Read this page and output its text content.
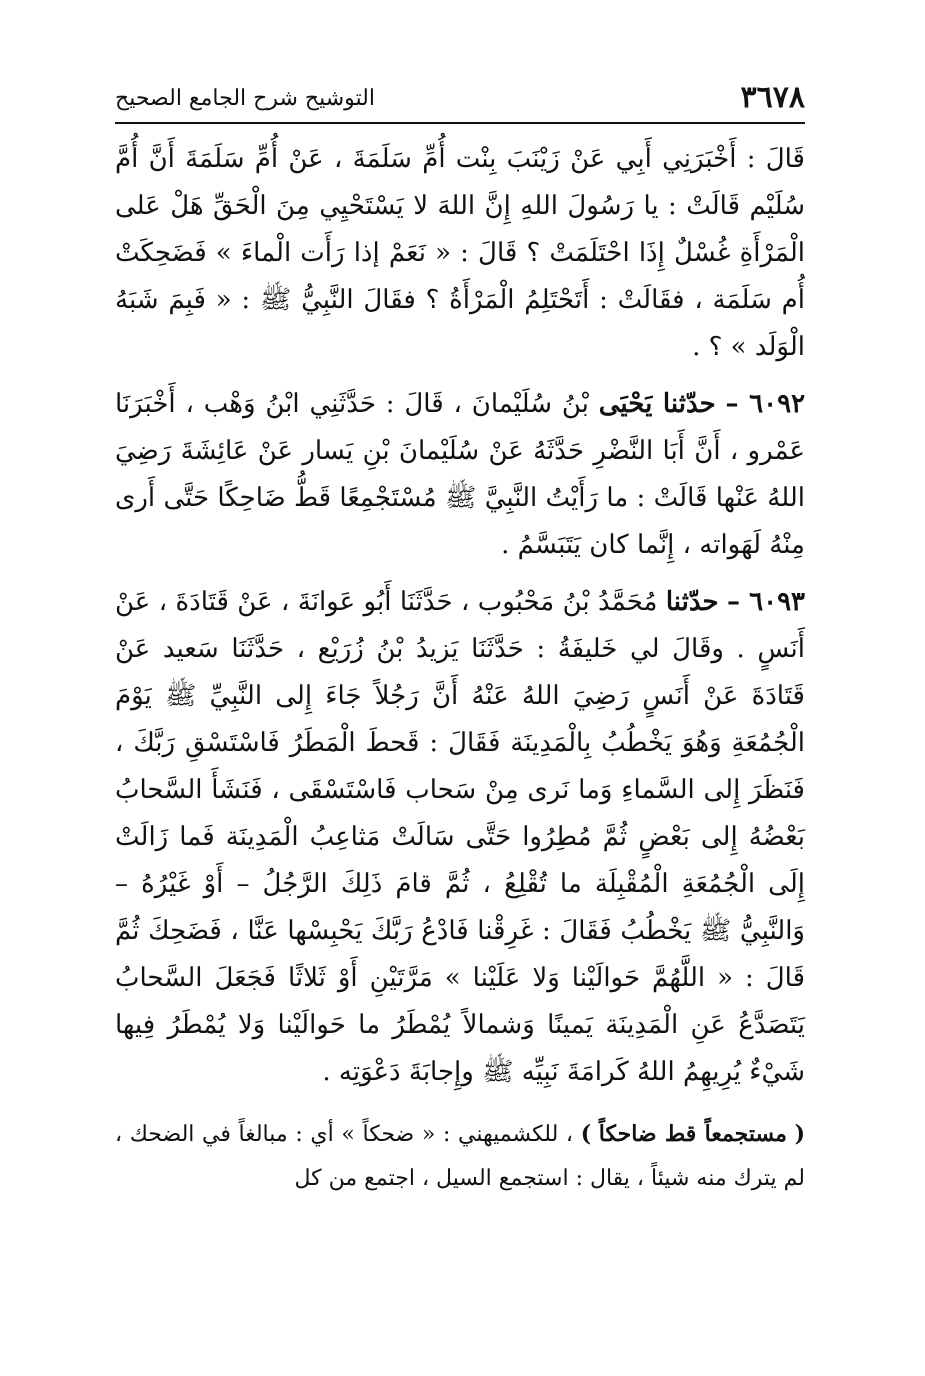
٣٦٧٨
التوشيح شرح الجامع الصحيح

قَالَ : أَخْبَرَنِي أَبِي عَنْ زَيْنَبَ بِنْت أُمِّ سَلَمَةَ ، عَنْ أُمِّ سَلَمَةَ أَنَّ أُمَّ سُلَيْم قَالَتْ : يا رَسُولَ اللهِ إِنَّ اللهَ لا يَسْتَحْيِي مِنَ الْحَقِّ هَلْ عَلى الْمَرْأَةِ غُسْلٌ إِذَا احْتَلَمَتْ ؟ قَالَ : « نَعَمْ إذا رَأَت الْماءَ » فَضَحِكَتْ أُم سَلَمَة ، فقَالَتْ : أَتَحْتَلِمُ الْمَرْأَةُ ؟ فقَالَ النَّبِيُّ ﷺ : « فَبِمَ شَبَهُ الْوَلَد » ؟ .

٦٠٩٢ – حدّثنا يَحْيَى بْنُ سُلَيْمانَ ، قَالَ : حَدَّثَنِي ابْنُ وَهْب ، أَخْبَرَنَا عَمْرو ، أَنَّ أَبَا النَّضْرِ حَدَّثَهُ عَنْ سُلَيْمانَ بْنِ يَسار عَنْ عَائِشَةَ رَضِيَ اللهُ عَنْها قَالَتْ : ما رَأَيْتُ النَّبِيَّ ﷺ مُسْتَجْمِعًا قَطُّ ضَاحِكًا حَتَّى أَرى مِنْهُ لَهَواته ، إِنَّما كان يَتَبَسَّمُ .

٦٠٩٣ – حدّثنا مُحَمَّدُ بْنُ مَحْبُوب ، حَدَّثَنَا أَبُو عَوانَةَ ، عَنْ قَتَادَةَ ، عَنْ أَنَسٍ . وقَالَ لي خَليفَةُ : حَدَّثَنَا يَزيدُ بْنُ زُرَيْع ، حَدَّثَنَا سَعيد عَنْ قَتَادَةَ عَنْ أَنَسٍ رَضِيَ اللهُ عَنْهُ أَنَّ رَجُلاً جَاءَ إِلى النَّبِيِّ ﷺ يَوْمَ الْجُمُعَةِ وَهُوَ يَخْطُبُ بِالْمَدِينَة فَقَالَ : قَحطَ الْمَطَرُ فَاسْتَسْقِ رَبَّكَ ، فَنَظَرَ إِلى السَّماءِ وَما نَرى مِنْ سَحاب فَاسْتَسْقَى ، فَنَشَأَ السَّحابُ بَعْضُهُ إِلى بَعْضٍ ثُمَّ مُطِرُوا حَتَّى سَالَتْ مَثاعِبُ الْمَدِينَة فَما زَالَتْ إِلَى الْجُمُعَةِ الْمُقْبِلَة ما تُقْلِعُ ، ثُمَّ قامَ ذَلِكَ الرَّجُلُ – أَوْ غَيْرُهُ – وَالنَّبِيُّ ﷺ يَخْطُبُ فَقَالَ : غَرِقْنا فَادْعُ رَبَّكَ يَحْبِسْها عَنَّا ، فَضَحِكَ ثُمَّ قَالَ : « اللَّهُمَّ حَوالَيْنا وَلا عَلَيْنا » مَرَّتَيْنِ أَوْ ثَلاثًا فَجَعَلَ السَّحابُ يَتَصَدَّعُ عَنِ الْمَدِينَة يَمينًا وَشمالاً يُمْطَرُ ما حَوالَيْنا وَلا يُمْطَرُ فِيها شَيْءٌ يُرِيهِمُ اللهُ كَرامَةَ نَبِيِّه ﷺ وإِجابَةَ دَعْوَتِه .

( مستجمعاً قط ضاحكاً ) ، للكشميهني : « ضحكاً » أي : مبالغاً في الضحك ، لم يترك منه شيئاً ، يقال : استجمع السيل ، اجتمع من كل
